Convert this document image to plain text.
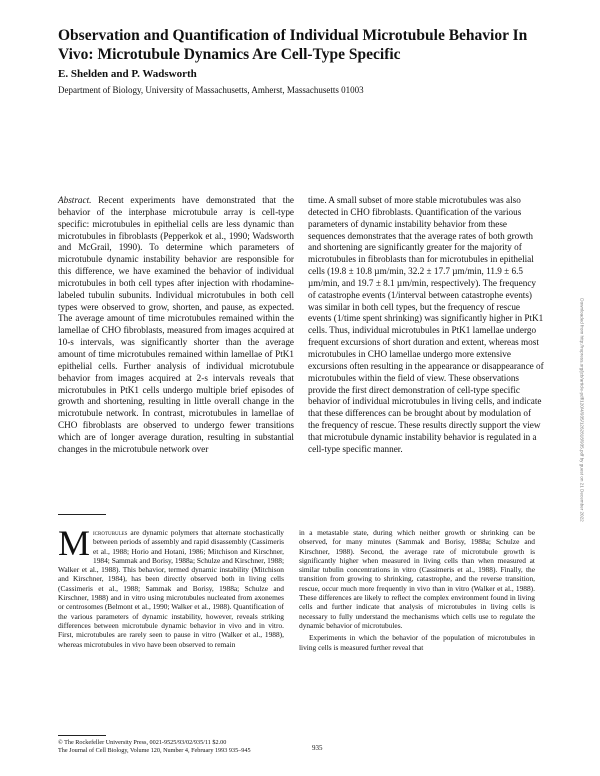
Observation and Quantification of Individual Microtubule Behavior In Vivo: Microtubule Dynamics Are Cell-Type Specific
E. Shelden and P. Wadsworth
Department of Biology, University of Massachusetts, Amherst, Massachusetts 01003

Abstract. Recent experiments have demonstrated that the behavior of the interphase microtubule array is cell-type specific: microtubules in epithelial cells are less dynamic than microtubules in fibroblasts (Pepperkok et al., 1990; Wadsworth and McGrail, 1990). To determine which parameters of microtubule dynamic instability behavior are responsible for this difference, we have examined the behavior of individual microtubules in both cell types after injection with rhodamine-labeled tubulin subunits. Individual microtubules in both cell types were observed to grow, shorten, and pause, as expected. The average amount of time microtubules remained within the lamellae of CHO fibroblasts, measured from images acquired at 10-s intervals, was significantly shorter than the average amount of time microtubules remained within lamellae of PtK1 epithelial cells. Further analysis of individual microtubule behavior from images acquired at 2-s intervals reveals that microtubules in PtK1 cells undergo multiple brief episodes of growth and shortening, resulting in little overall change in the microtubule network. In contrast, microtubules in lamellae of CHO fibroblasts are observed to undergo fewer transitions which are of longer average duration, resulting in substantial changes in the microtubule network over

time. A small subset of more stable microtubules was also detected in CHO fibroblasts. Quantification of the various parameters of dynamic instability behavior from these sequences demonstrates that the average rates of both growth and shortening are significantly greater for the majority of microtubules in fibroblasts than for microtubules in epithelial cells (19.8 ± 10.8 µm/min, 32.2 ± 17.7 µm/min, 11.9 ± 6.5 µm/min, and 19.7 ± 8.1 µm/min, respectively). The frequency of catastrophe events (1/interval between catastrophe events) was similar in both cell types, but the frequency of rescue events (1/time spent shrinking) was significantly higher in PtK1 cells. Thus, individual microtubules in PtK1 lamellae undergo frequent excursions of short duration and extent, whereas most microtubules in CHO lamellae undergo more extensive excursions often resulting in the appearance or disappearance of microtubules within the field of view. These observations provide the first direct demonstration of cell-type specific behavior of individual microtubules in living cells, and indicate that these differences can be brought about by modulation of the frequency of rescue. These results directly support the view that microtubule dynamic instability behavior is regulated in a cell-type specific manner.

Microtubules are dynamic polymers that alternate stochastically between periods of assembly and rapid disassembly (Cassimeris et al., 1988; Horio and Hotani, 1986; Mitchison and Kirschner, 1984; Sammak and Borisy, 1988a; Schulze and Kirschner, 1988; Walker et al., 1988). This behavior, termed dynamic instability (Mitchison and Kirschner, 1984), has been directly observed both in living cells (Cassimeris et al., 1988; Sammak and Borisy, 1988a; Schulze and Kirschner, 1988) and in vitro using microtubules nucleated from axonemes or centrosomes (Belmont et al., 1990; Walker et al., 1988). Quantification of the various parameters of dynamic instability, however, reveals striking differences between microtubule dynamic behavior in vivo and in vitro. First, microtubules are rarely seen to pause in vitro (Walker et al., 1988), whereas microtubules in vivo have been observed to remain

in a metastable state, during which neither growth or shrinking can be observed, for many minutes (Sammak and Borisy, 1988a; Schulze and Kirschner, 1988). Second, the average rate of microtubule growth is significantly higher when measured in living cells than when measured at similar tubulin concentrations in vitro (Cassimeris et al., 1988). Finally, the transition from growing to shrinking, catastrophe, and the reverse transition, rescue, occur much more frequently in vivo than in vitro (Walker et al., 1988). These differences are likely to reflect the complex environment found in living cells and further indicate that analysis of microtubules in living cells is necessary to fully understand the mechanisms which cells use to regulate the dynamic behavior of microtubules.
Experiments in which the behavior of the population of microtubules in living cells is measured further reveal that

© The Rockefeller University Press, 0021-9525/93/02/935/11 $2.00
The Journal of Cell Biology, Volume 120, Number 4, February 1993 935–945	935
Downloaded from http://rupress.org/jcb/article-pdf/120/4/935/1262818/935.pdf by guest on 21 December 2022
